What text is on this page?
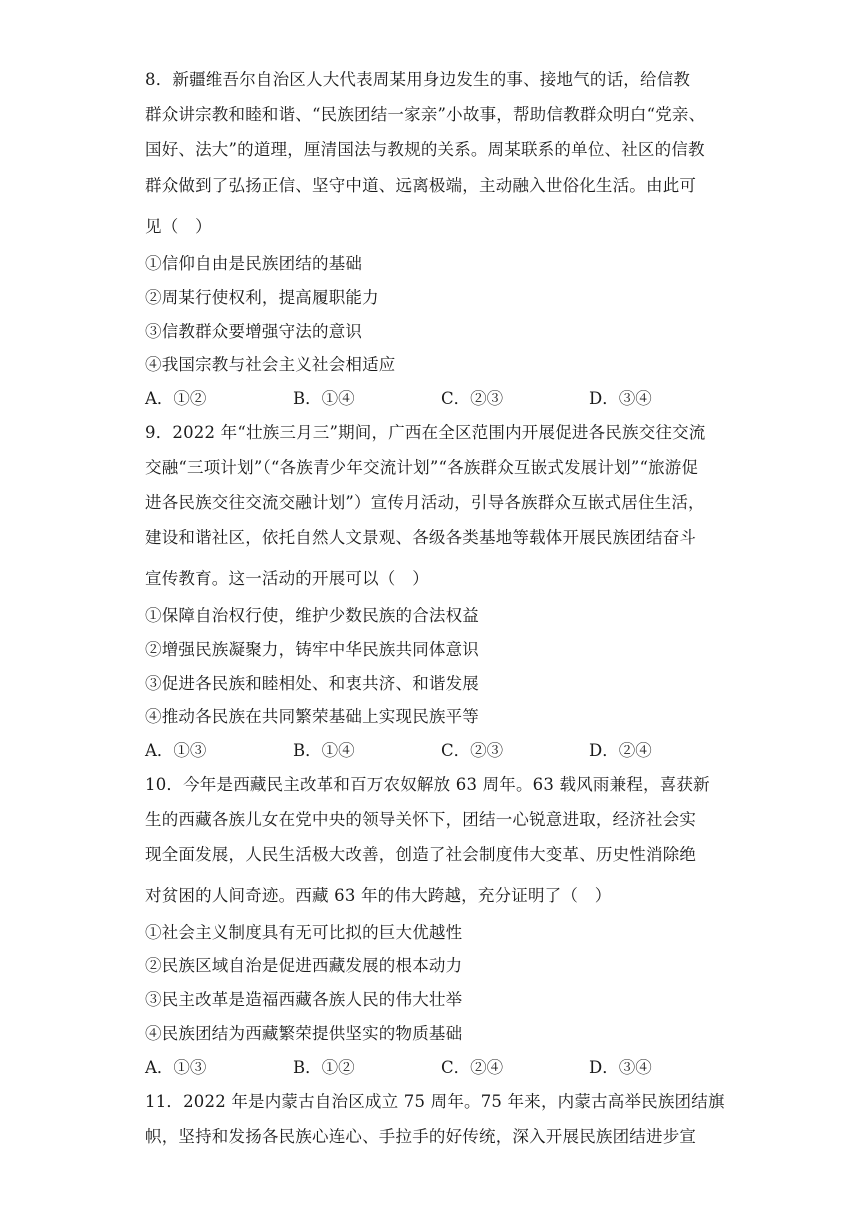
8．新疆维吾尔自治区人大代表周某用身边发生的事、接地气的话，给信教
群众讲宗教和睦和谐、“民族团结一家亲”小故事，帮助信教群众明白“党亲、
国好、法大”的道理，厘清国法与教规的关系。周某联系的单位、社区的信教
群众做到了弘扬正信、坚守中道、远离极端，主动融入世俗化生活。由此可
见（　）
①信仰自由是民族团结的基础
②周某行使权利，提高履职能力
③信教群众要增强守法的意识
④我国宗教与社会主义社会相适应
A．①②	B．①④	C．②③	D．③④
9．2022 年“壮族三月三”期间，广西在全区范围内开展促进各民族交往交流
交融“三项计划”（“各族青少年交流计划”“各族群众互嵌式发展计划”“旅游促
进各民族交往交流交融计划”）宣传月活动，引导各族群众互嵌式居住生活，
建设和谐社区，依托自然人文景观、各级各类基地等载体开展民族团结奋斗
宣传教育。这一活动的开展可以（　）
①保障自治权行使，维护少数民族的合法权益
②增强民族凝聚力，铸牢中华民族共同体意识
③促进各民族和睦相处、和衷共济、和谐发展
④推动各民族在共同繁荣基础上实现民族平等
A．①③	B．①④	C．②③	D．②④
10．今年是西藏民主改革和百万农奴解放 63 周年。63 载风雨兼程，喜获新
生的西藏各族儿女在党中央的领导关怀下，团结一心锐意进取，经济社会实
现全面发展，人民生活极大改善，创造了社会制度伟大变革、历史性消除绝
对贫困的人间奇迹。西藏 63 年的伟大跨越，充分证明了（　）
①社会主义制度具有无可比拟的巨大优越性
②民族区域自治是促进西藏发展的根本动力
③民主改革是造福西藏各族人民的伟大壮举
④民族团结为西藏繁荣提供坚实的物质基础
A．①③	B．①②	C．②④	D．③④
11．2022 年是内蒙古自治区成立 75 周年。75 年来，内蒙古高举民族团结旗
帜，坚持和发扬各民族心连心、手拉手的好传统，深入开展民族团结进步宣
